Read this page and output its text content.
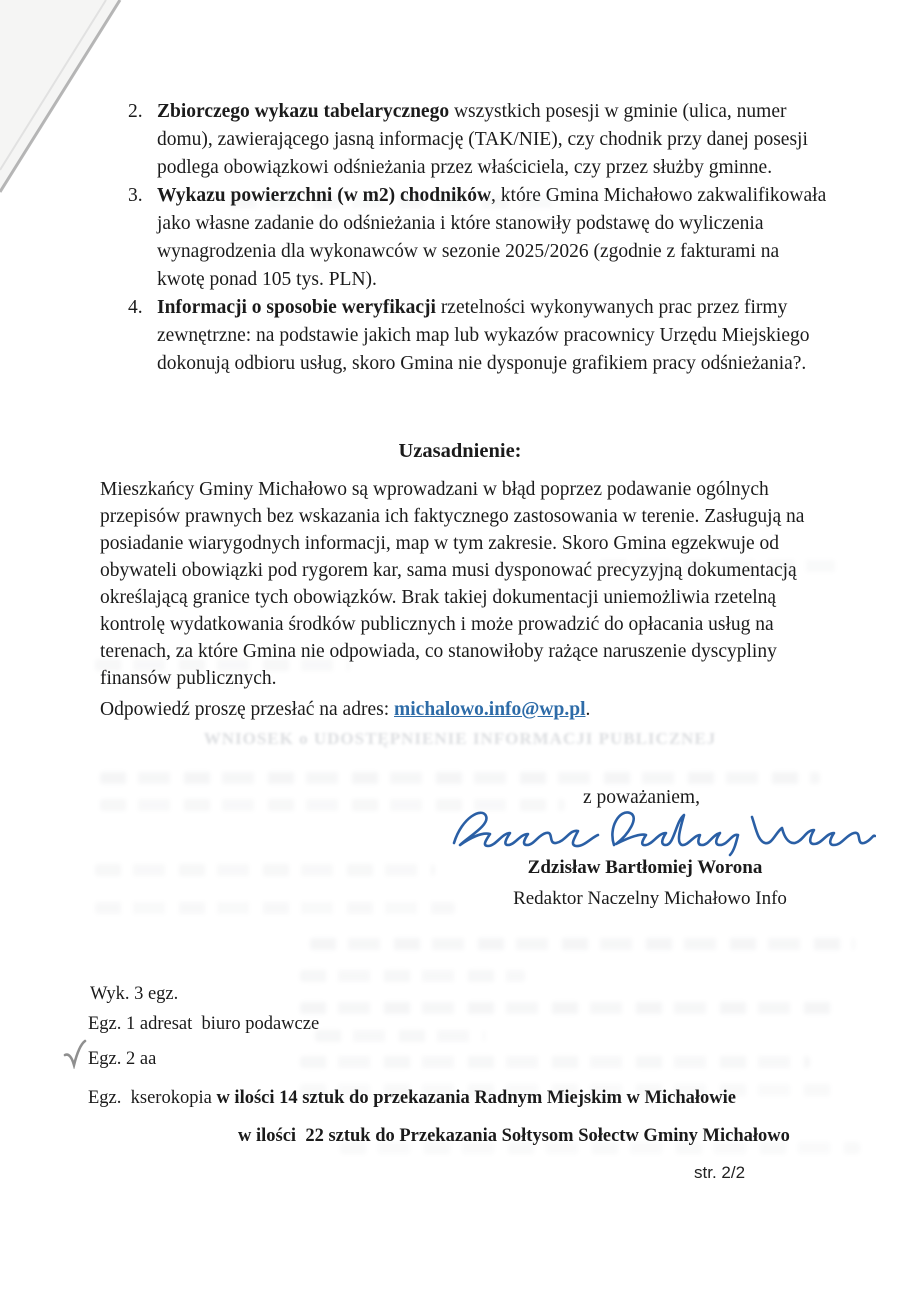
2. Zbiorczego wykazu tabelarycznego wszystkich posesji w gminie (ulica, numer domu), zawierającego jasną informację (TAK/NIE), czy chodnik przy danej posesji podlega obowiązkowi odśnieżania przez właściciela, czy przez służby gminne.
3. Wykazu powierzchni (w m2) chodników, które Gmina Michałowo zakwalifikowała jako własne zadanie do odśnieżania i które stanowiły podstawę do wyliczenia wynagrodzenia dla wykonawców w sezonie 2025/2026 (zgodnie z fakturami na kwotę ponad 105 tys. PLN).
4. Informacji o sposobie weryfikacji rzetelności wykonywanych prac przez firmy zewnętrzne: na podstawie jakich map lub wykazów pracownicy Urzędu Miejskiego dokonują odbioru usług, skoro Gmina nie dysponuje grafikiem pracy odśnieżania?.
Uzasadnienie:
Mieszkańcy Gminy Michałowo są wprowadzani w błąd poprzez podawanie ogólnych przepisów prawnych bez wskazania ich faktycznego zastosowania w terenie. Zasługują na posiadanie wiarygodnych informacji, map w tym zakresie. Skoro Gmina egzekwuje od obywateli obowiązki pod rygorem kar, sama musi dysponować precyzyjną dokumentacją określającą granice tych obowiązków. Brak takiej dokumentacji uniemożliwia rzetelną kontrolę wydatkowania środków publicznych i może prowadzić do opłacania usług na terenach, za które Gmina nie odpowiada, co stanowiłoby rażące naruszenie dyscypliny finansów publicznych.
Odpowiedź proszę przesłać na adres: michalowo.info@wp.pl.
WNIOSEK o UDOSTĘPNIENIE INFORMACJI PUBLICZNEJ
z poważaniem,
Zdzisław Bartłomiej Worona
Redaktor Naczelny Michałowo Info
Wyk. 3 egz.
Egz. 1 adresat  biuro podawcze
Egz. 2 aa
Egz.  kserokopia w ilości 14 sztuk do przekazania Radnym Miejskim w Michałowie
w ilości  22 sztuk do Przekazania Sołtysom Sołectw Gminy Michałowo
str. 2/2
